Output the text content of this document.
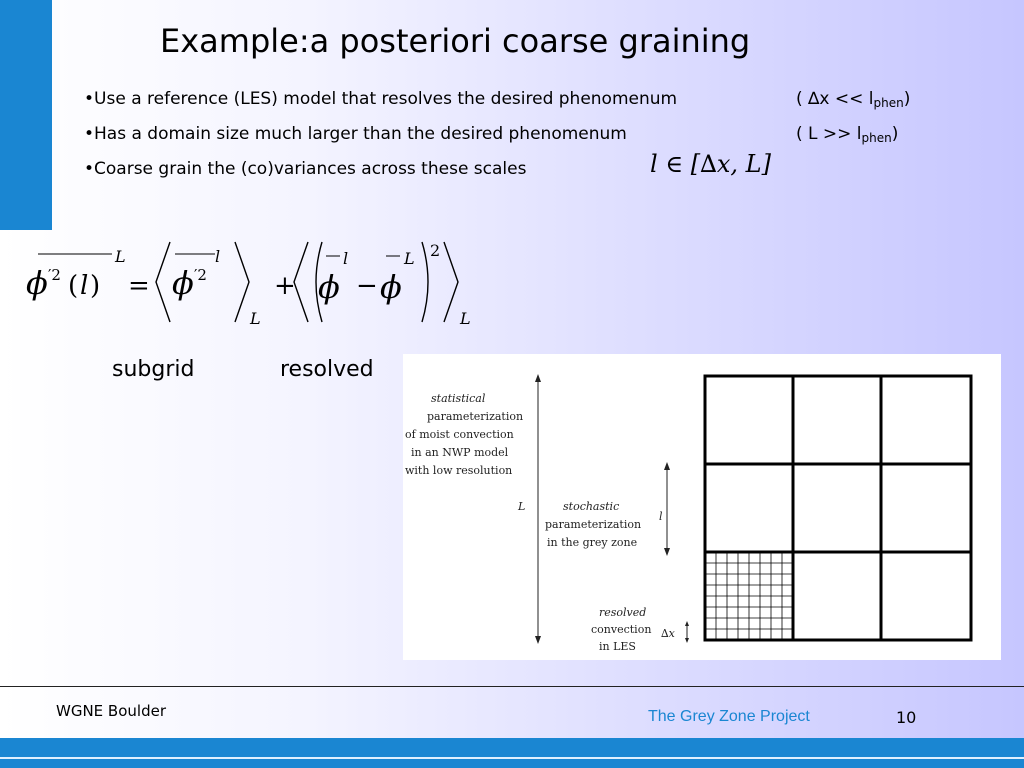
Example:a posteriori coarse graining
•Use a reference (LES) model that resolves the desired phenomenum	( $\Delta x << l_{phen}$)
•Has a domain size much larger than the desired phenomenum	( $L >> l_{phen}$)
•Coarse grain the (co)variances across these scales	l ∈ [∆x, L]
L
ϕ ′2 ( l ) =
l
ϕ ′2
L
+
l
ϕ −
L
ϕ
2
L
subgrid	resolved
statistical
parameterization
of moist convection
in an NWP model
with low resolution
stochastic
parameterization
in the grey zone
resolved
convection
in LES
L
l
∆x
WGNE Boulder	The Grey Zone Project	10
